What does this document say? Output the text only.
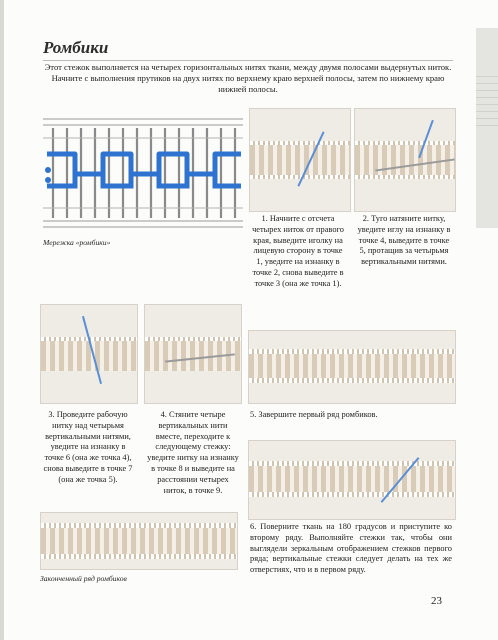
Ромбики
Этот стежок выполняется на четырех горизонтальных нитях ткани, между двумя полосами выдернутых ниток. Начните с выполнения прутиков на двух нитях по верхнему краю верхней полосы, затем по нижнему краю нижней полосы.
Мережка «ромбики»
1. Начните с отсчета четырех ниток от правого края, выведите иголку на лицевую сторону в точке 1, уведите на изнанку в точке 2, снова выведите в точке 3 (она же точка 1).
2. Туго натяните нитку, уведите иглу на изнанку в точке 4, выведите в точке 5, протащив за четырьмя вертикальными нитями.
3. Проведите рабочую нитку над четырьмя вертикальными нитями, уведите на изнанку в точке 6 (она же точка 4), снова выведите в точке 7 (она же точка 5).
4. Стяните четыре вертикальных нити вместе, переходите к следующему стежку: уведите нитку на изнанку в точке 8 и выведите на расстоянии четырех ниток, в точке 9.
5. Завершите первый ряд ромбиков.
6. Поверните ткань на 180 градусов и приступите ко второму ряду. Выполняйте стежки так, чтобы они выглядели зеркальным отображением стежков первого ряда; вертикальные стежки следует делать на тех же отверстиях, что и в первом ряду.
Законченный ряд ромбиков
23
